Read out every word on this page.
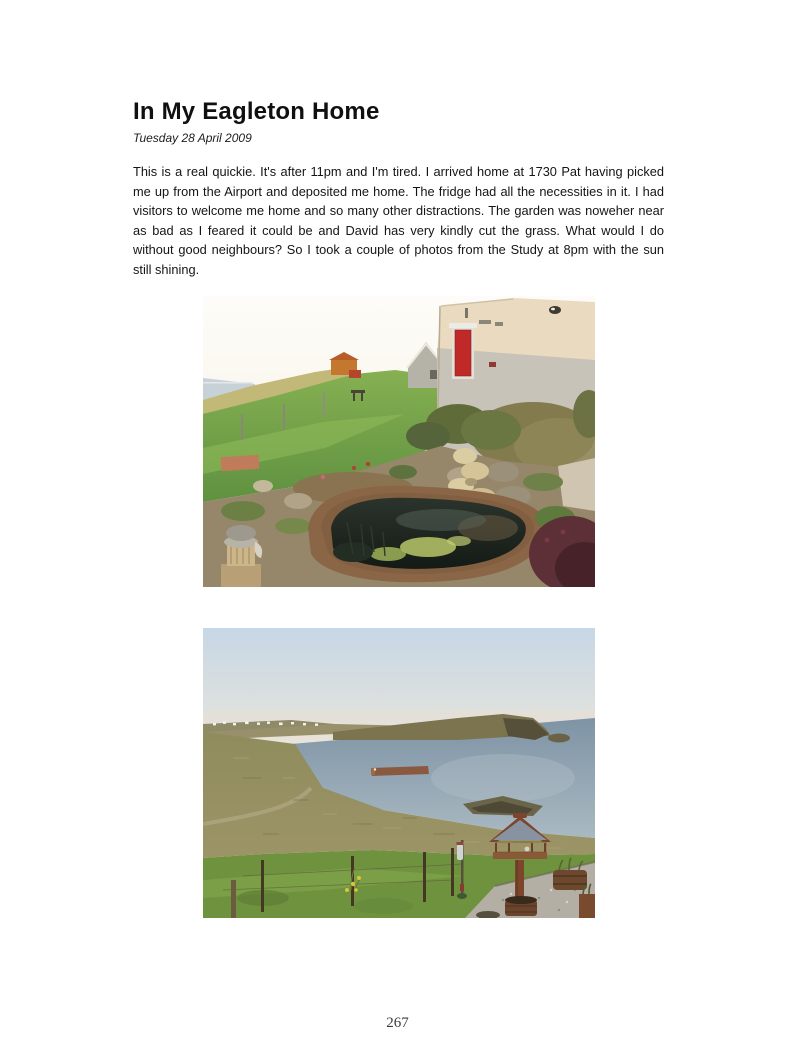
In My Eagleton Home
Tuesday 28 April 2009

This is a real quickie. It's after 11pm and I'm tired. I arrived home at 1730 Pat having picked me up from the Airport and deposited me home. The fridge had all the necessities in it. I had visitors to welcome me home and so many other distractions. The garden was noweher near as bad as I feared it could be and David has very kindly cut the grass. What would I do without good neighbours? So I took a couple of photos from the Study at 8pm with the sun still shining.

267
